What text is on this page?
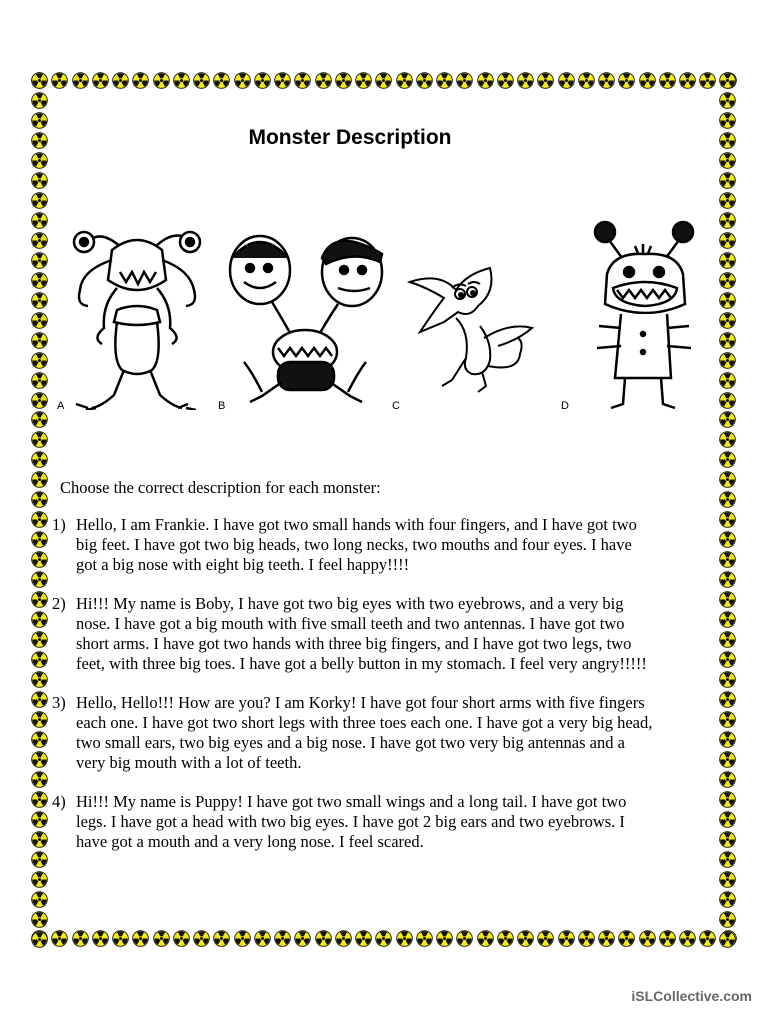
Monster Description
A	B	C	D
Choose the correct description for each monster:
1) Hello, I am Frankie. I have got two small hands with four fingers, and I have got two big feet. I have got two big heads, two long necks, two mouths and four eyes. I have got a big nose with eight big teeth. I feel happy!!!!
2) Hi!!! My name is Boby, I have got two big eyes with two eyebrows, and a very big nose. I have got a big mouth with five small teeth and two antennas. I have got two short arms. I have got two hands with three big fingers, and I have got two legs, two feet, with three big toes. I have got a belly button in my stomach. I feel very angry!!!!!
3) Hello, Hello!!! How are you? I am Korky! I have got four short arms with five fingers each one. I have got two short legs with three toes each one. I have got a very big head, two small ears, two big eyes and a big nose. I have got two very big antennas and a very big mouth with a lot of teeth.
4) Hi!!! My name is Puppy! I have got two small wings and a long tail. I have got two legs. I have got a head with two big eyes. I have got 2 big ears and two eyebrows. I have got a mouth and a very long nose. I feel scared.
iSLCollective.com
